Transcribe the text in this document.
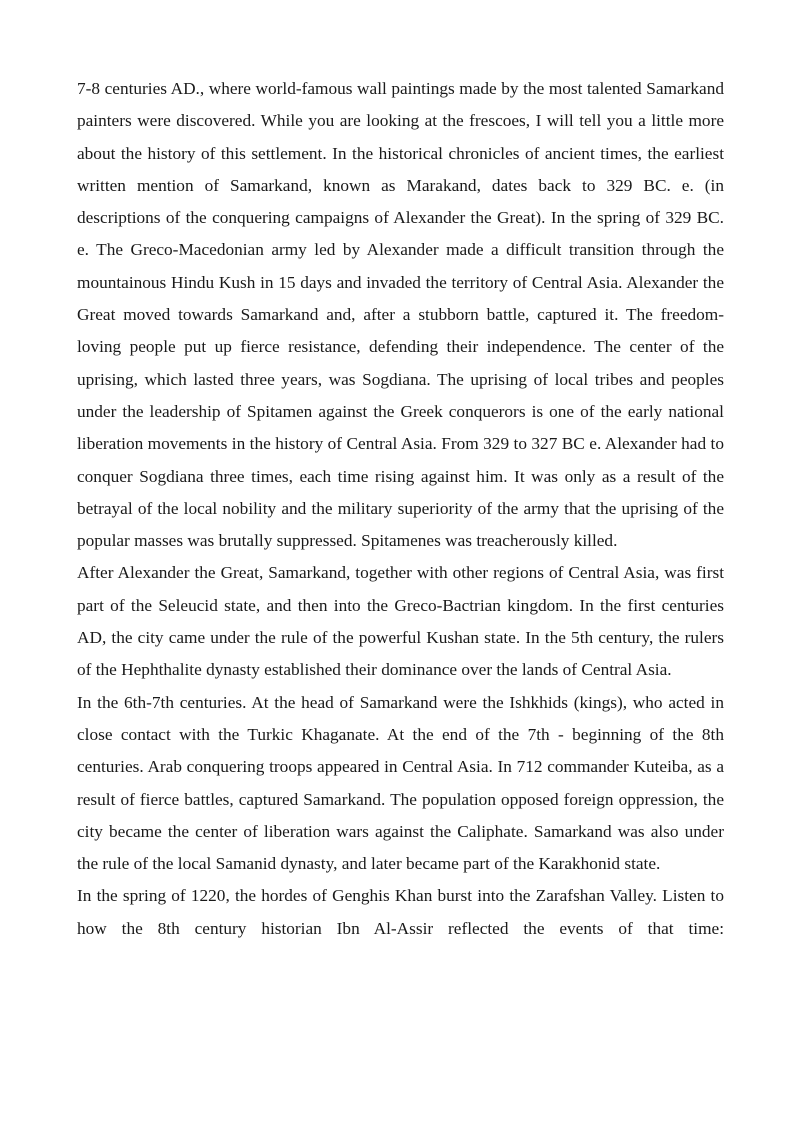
7-8 centuries AD., where world-famous wall paintings made by the most talented Samarkand painters were discovered. While you are looking at the frescoes, I will tell you a little more about the history of this settlement. In the historical chronicles of ancient times, the earliest written mention of Samarkand, known as Marakand, dates back to 329 BC. e. (in descriptions of the conquering campaigns of Alexander the Great). In the spring of 329 BC. e. The Greco-Macedonian army led by Alexander made a difficult transition through the mountainous Hindu Kush in 15 days and invaded the territory of Central Asia. Alexander the Great moved towards Samarkand and, after a stubborn battle, captured it. The freedom-loving people put up fierce resistance, defending their independence. The center of the uprising, which lasted three years, was Sogdiana. The uprising of local tribes and peoples under the leadership of Spitamen against the Greek conquerors is one of the early national liberation movements in the history of Central Asia. From 329 to 327 BC e. Alexander had to conquer Sogdiana three times, each time rising against him. It was only as a result of the betrayal of the local nobility and the military superiority of the army that the uprising of the popular masses was brutally suppressed. Spitamenes was treacherously killed.

After Alexander the Great, Samarkand, together with other regions of Central Asia, was first part of the Seleucid state, and then into the Greco-Bactrian kingdom. In the first centuries AD, the city came under the rule of the powerful Kushan state. In the 5th century, the rulers of the Hephthalite dynasty established their dominance over the lands of Central Asia.

In the 6th-7th centuries. At the head of Samarkand were the Ishkhids (kings), who acted in close contact with the Turkic Khaganate. At the end of the 7th - beginning of the 8th centuries. Arab conquering troops appeared in Central Asia. In 712 commander Kuteiba, as a result of fierce battles, captured Samarkand. The population opposed foreign oppression, the city became the center of liberation wars against the Caliphate. Samarkand was also under the rule of the local Samanid dynasty, and later became part of the Karakhonid state.

In the spring of 1220, the hordes of Genghis Khan burst into the Zarafshan Valley. Listen to how the 8th century historian Ibn Al-Assir reflected the events of that time:
